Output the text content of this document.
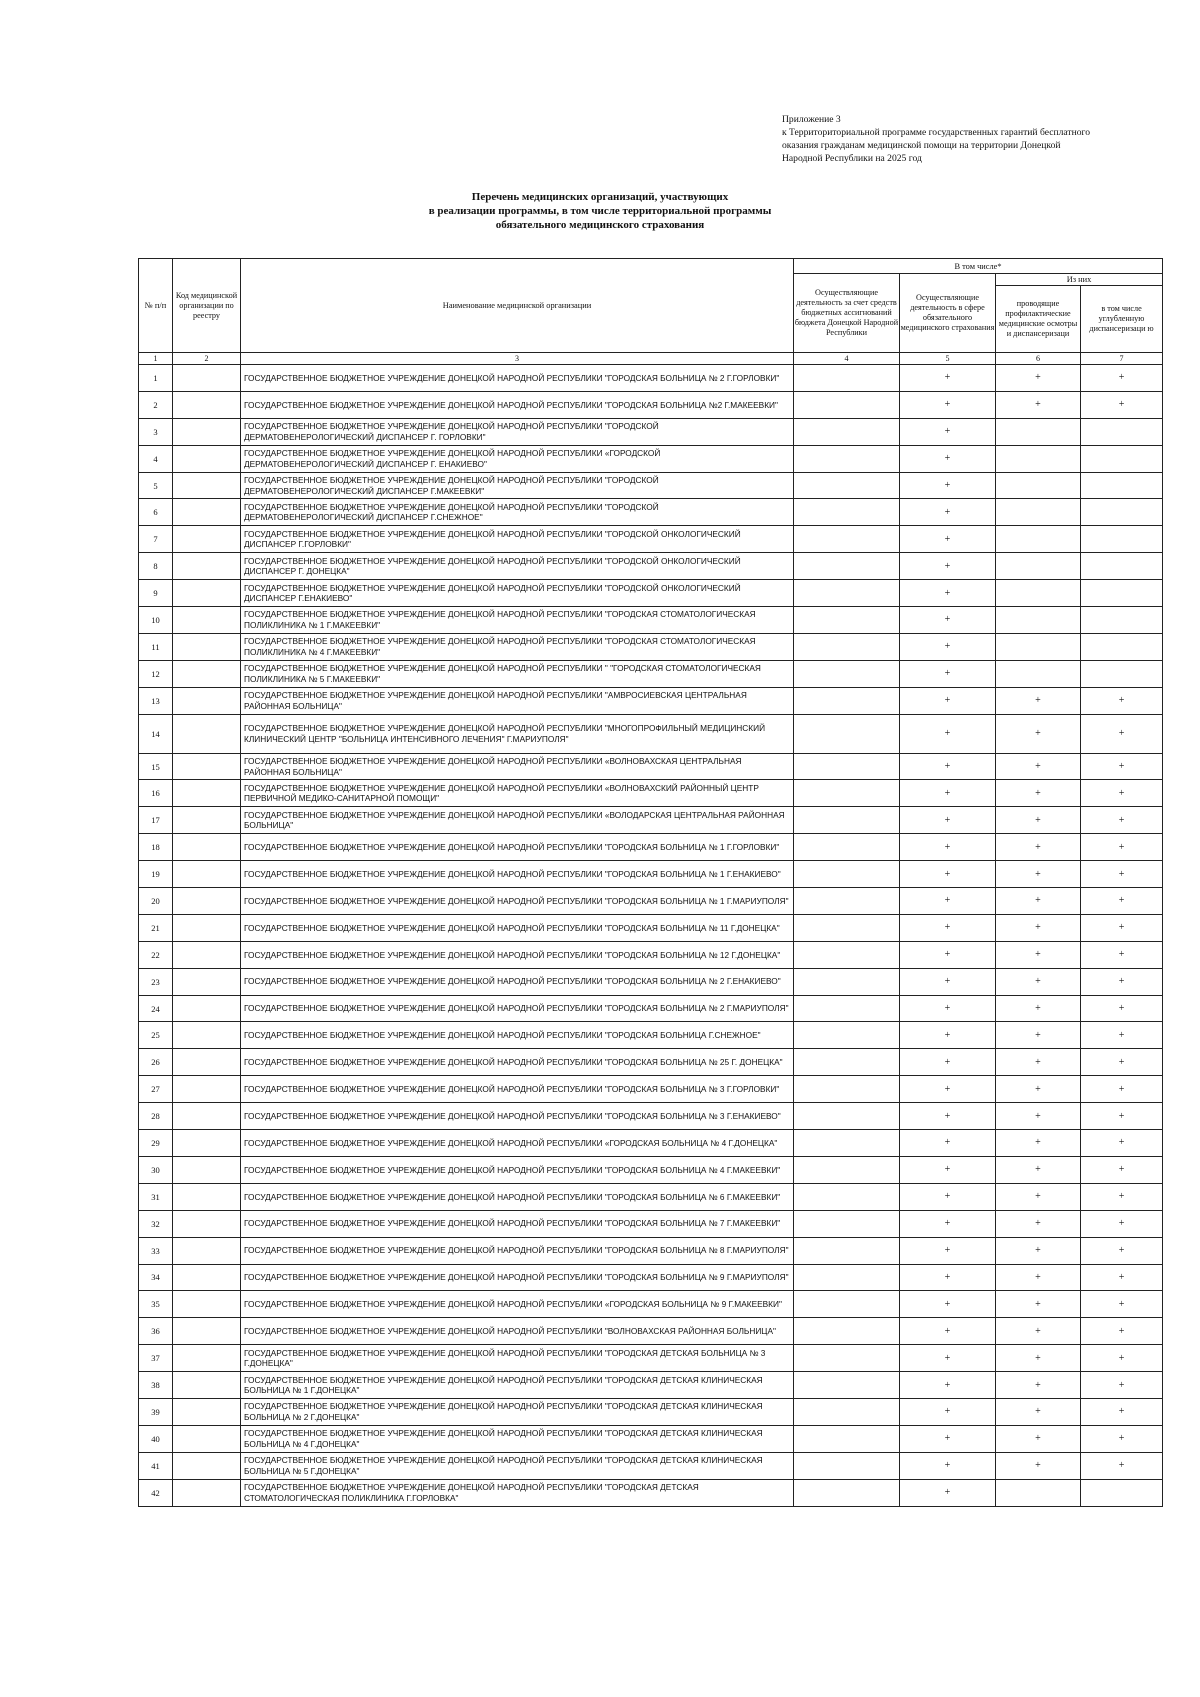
Приложение 3
к Территориториальной программе государственных гарантий бесплатного
оказания гражданам медицинской помощи на территории Донецкой
Народной Республики на 2025 год
Перечень медицинских организаций, участвующих
в реализации программы, в том числе территориальной программы
обязательного медицинского страхования
№ п/п	Код медицинской организации по реестру	Наименование медицинской организации	В том числе*			
			Осуществляющие деятельность за счет средств бюджетных ассигнований бюджета Донецкой Народной Республики	Осуществляющие деятельность в сфере обязательного медицинского страхования	Из них	
					проводящие профилактическиe медицинские осмотры и диспансеризаци	в том числе углубленную диспансеризаци ю
1	2	3	4	5	6	7
1		ГОСУДАРСТВЕННОЕ БЮДЖЕТНОЕ УЧРЕЖДЕНИЕ ДОНЕЦКОЙ НАРОДНОЙ РЕСПУБЛИКИ "ГОРОДСКАЯ БОЛЬНИЦА № 2 Г.ГОРЛОВКИ"		+	+	+
2		ГОСУДАРСТВЕННОЕ БЮДЖЕТНОЕ УЧРЕЖДЕНИЕ ДОНЕЦКОЙ НАРОДНОЙ РЕСПУБЛИКИ "ГОРОДСКАЯ БОЛЬНИЦА №2 Г.МАКЕЕВКИ"		+	+	+
3		ГОСУДАРСТВЕННОЕ БЮДЖЕТНОЕ УЧРЕЖДЕНИЕ ДОНЕЦКОЙ НАРОДНОЙ РЕСПУБЛИКИ "ГОРОДСКОЙ ДЕРМАТОВЕНЕРОЛОГИЧЕСКИЙ ДИСПАНСЕР Г. ГОРЛОВКИ"		+		
4		ГОСУДАРСТВЕННОЕ БЮДЖЕТНОЕ УЧРЕЖДЕНИЕ ДОНЕЦКОЙ НАРОДНОЙ РЕСПУБЛИКИ «ГОРОДСКОЙ ДЕРМАТОВЕНЕРОЛОГИЧЕСКИЙ ДИСПАНСЕР Г. ЕНАКИЕВО"		+		
5		ГОСУДАРСТВЕННОЕ БЮДЖЕТНОЕ УЧРЕЖДЕНИЕ ДОНЕЦКОЙ НАРОДНОЙ РЕСПУБЛИКИ "ГОРОДСКОЙ ДЕРМАТОВЕНЕРОЛОГИЧЕСКИЙ ДИСПАНСЕР Г.МАКЕЕВКИ"		+		
6		ГОСУДАРСТВЕННОЕ БЮДЖЕТНОЕ УЧРЕЖДЕНИЕ ДОНЕЦКОЙ НАРОДНОЙ РЕСПУБЛИКИ "ГОРОДСКОЙ ДЕРМАТОВЕНЕРОЛОГИЧЕСКИЙ ДИСПАНСЕР Г.СНЕЖНОЕ"		+		
7		ГОСУДАРСТВЕННОЕ БЮДЖЕТНОЕ УЧРЕЖДЕНИЕ ДОНЕЦКОЙ НАРОДНОЙ РЕСПУБЛИКИ "ГОРОДСКОЙ ОНКОЛОГИЧЕСКИЙ ДИСПАНСЕР Г.ГОРЛОВКИ"		+		
8		ГОСУДАРСТВЕННОЕ БЮДЖЕТНОЕ УЧРЕЖДЕНИЕ ДОНЕЦКОЙ НАРОДНОЙ РЕСПУБЛИКИ "ГОРОДСКОЙ ОНКОЛОГИЧЕСКИЙ ДИСПАНСЕР Г. ДОНЕЦКА"		+		
9		ГОСУДАРСТВЕННОЕ БЮДЖЕТНОЕ УЧРЕЖДЕНИЕ ДОНЕЦКОЙ НАРОДНОЙ РЕСПУБЛИКИ "ГОРОДСКОЙ ОНКОЛОГИЧЕСКИЙ ДИСПАНСЕР Г.ЕНАКИЕВО"		+		
10		ГОСУДАРСТВЕННОЕ БЮДЖЕТНОЕ УЧРЕЖДЕНИЕ ДОНЕЦКОЙ НАРОДНОЙ РЕСПУБЛИКИ "ГОРОДСКАЯ СТОМАТОЛОГИЧЕСКАЯ ПОЛИКЛИНИКА № 1 Г.МАКЕЕВКИ"		+		
11		ГОСУДАРСТВЕННОЕ БЮДЖЕТНОЕ УЧРЕЖДЕНИЕ ДОНЕЦКОЙ НАРОДНОЙ РЕСПУБЛИКИ "ГОРОДСКАЯ СТОМАТОЛОГИЧЕСКАЯ ПОЛИКЛИНИКА № 4 Г.МАКЕЕВКИ"		+		
12		ГОСУДАРСТВЕННОЕ БЮДЖЕТНОЕ УЧРЕЖДЕНИЕ ДОНЕЦКОЙ НАРОДНОЙ РЕСПУБЛИКИ " "ГОРОДСКАЯ СТОМАТОЛОГИЧЕСКАЯ ПОЛИКЛИНИКА № 5 Г.МАКЕЕВКИ"		+		
13		ГОСУДАРСТВЕННОЕ БЮДЖЕТНОЕ УЧРЕЖДЕНИЕ ДОНЕЦКОЙ НАРОДНОЙ РЕСПУБЛИКИ "АМВРОСИЕВСКАЯ ЦЕНТРАЛЬНАЯ РАЙОННАЯ БОЛЬНИЦА"		+	+	+
14		ГОСУДАРСТВЕННОЕ БЮДЖЕТНОЕ УЧРЕЖДЕНИЕ ДОНЕЦКОЙ НАРОДНОЙ РЕСПУБЛИКИ "МНОГОПРОФИЛЬНЫЙ МЕДИЦИНСКИЙ КЛИНИЧЕСКИЙ ЦЕНТР "БОЛЬНИЦА ИНТЕНСИВНОГО ЛЕЧЕНИЯ" Г.МАРИУПОЛЯ"		+	+	+
15		ГОСУДАРСТВЕННОЕ БЮДЖЕТНОЕ УЧРЕЖДЕНИЕ ДОНЕЦКОЙ НАРОДНОЙ РЕСПУБЛИКИ «ВОЛНОВАХСКАЯ ЦЕНТРАЛЬНАЯ РАЙОННАЯ БОЛЬНИЦА"		+	+	+
16		ГОСУДАРСТВЕННОЕ БЮДЖЕТНОЕ УЧРЕЖДЕНИЕ ДОНЕЦКОЙ НАРОДНОЙ РЕСПУБЛИКИ «ВОЛНОВАХСКИЙ РАЙОННЫЙ ЦЕНТР ПЕРВИЧНОЙ МЕДИКО-САНИТАРНОЙ ПОМОЩИ"		+	+	+
17		ГОСУДАРСТВЕННОЕ БЮДЖЕТНОЕ УЧРЕЖДЕНИЕ ДОНЕЦКОЙ НАРОДНОЙ РЕСПУБЛИКИ «ВОЛОДАРСКАЯ ЦЕНТРАЛЬНАЯ РАЙОННАЯ БОЛЬНИЦА"		+	+	+
18		ГОСУДАРСТВЕННОЕ БЮДЖЕТНОЕ УЧРЕЖДЕНИЕ ДОНЕЦКОЙ НАРОДНОЙ РЕСПУБЛИКИ "ГОРОДСКАЯ БОЛЬНИЦА № 1 Г.ГОРЛОВКИ"		+	+	+
19		ГОСУДАРСТВЕННОЕ БЮДЖЕТНОЕ УЧРЕЖДЕНИЕ ДОНЕЦКОЙ НАРОДНОЙ РЕСПУБЛИКИ "ГОРОДСКАЯ БОЛЬНИЦА № 1 Г.ЕНАКИЕВО"		+	+	+
20		ГОСУДАРСТВЕННОЕ БЮДЖЕТНОЕ УЧРЕЖДЕНИЕ ДОНЕЦКОЙ НАРОДНОЙ РЕСПУБЛИКИ "ГОРОДСКАЯ БОЛЬНИЦА № 1 Г.МАРИУПОЛЯ"		+	+	+
21		ГОСУДАРСТВЕННОЕ БЮДЖЕТНОЕ УЧРЕЖДЕНИЕ ДОНЕЦКОЙ НАРОДНОЙ РЕСПУБЛИКИ "ГОРОДСКАЯ БОЛЬНИЦА № 11 Г.ДОНЕЦКА"		+	+	+
22		ГОСУДАРСТВЕННОЕ БЮДЖЕТНОЕ УЧРЕЖДЕНИЕ ДОНЕЦКОЙ НАРОДНОЙ РЕСПУБЛИКИ "ГОРОДСКАЯ БОЛЬНИЦА № 12 Г.ДОНЕЦКА"		+	+	+
23		ГОСУДАРСТВЕННОЕ БЮДЖЕТНОЕ УЧРЕЖДЕНИЕ ДОНЕЦКОЙ НАРОДНОЙ РЕСПУБЛИКИ "ГОРОДСКАЯ БОЛЬНИЦА № 2 Г.ЕНАКИЕВО"		+	+	+
24		ГОСУДАРСТВЕННОЕ БЮДЖЕТНОЕ УЧРЕЖДЕНИЕ ДОНЕЦКОЙ НАРОДНОЙ РЕСПУБЛИКИ "ГОРОДСКАЯ БОЛЬНИЦА № 2 Г.МАРИУПОЛЯ"		+	+	+
25		ГОСУДАРСТВЕННОЕ БЮДЖЕТНОЕ УЧРЕЖДЕНИЕ ДОНЕЦКОЙ НАРОДНОЙ РЕСПУБЛИКИ "ГОРОДСКАЯ БОЛЬНИЦА Г.СНЕЖНОЕ"		+	+	+
26		ГОСУДАРСТВЕННОЕ БЮДЖЕТНОЕ УЧРЕЖДЕНИЕ ДОНЕЦКОЙ НАРОДНОЙ РЕСПУБЛИКИ "ГОРОДСКАЯ БОЛЬНИЦА № 25 Г. ДОНЕЦКА"		+	+	+
27		ГОСУДАРСТВЕННОЕ БЮДЖЕТНОЕ УЧРЕЖДЕНИЕ ДОНЕЦКОЙ НАРОДНОЙ РЕСПУБЛИКИ "ГОРОДСКАЯ БОЛЬНИЦА № 3 Г.ГОРЛОВКИ"		+	+	+
28		ГОСУДАРСТВЕННОЕ БЮДЖЕТНОЕ УЧРЕЖДЕНИЕ ДОНЕЦКОЙ НАРОДНОЙ РЕСПУБЛИКИ "ГОРОДСКАЯ БОЛЬНИЦА № 3 Г.ЕНАКИЕВО"		+	+	+
29		ГОСУДАРСТВЕННОЕ БЮДЖЕТНОЕ УЧРЕЖДЕНИЕ ДОНЕЦКОЙ НАРОДНОЙ РЕСПУБЛИКИ «ГОРОДСКАЯ БОЛЬНИЦА № 4 Г.ДОНЕЦКА"		+	+	+
30		ГОСУДАРСТВЕННОЕ БЮДЖЕТНОЕ УЧРЕЖДЕНИЕ ДОНЕЦКОЙ НАРОДНОЙ РЕСПУБЛИКИ "ГОРОДСКАЯ БОЛЬНИЦА № 4 Г.МАКЕЕВКИ"		+	+	+
31		ГОСУДАРСТВЕННОЕ БЮДЖЕТНОЕ УЧРЕЖДЕНИЕ ДОНЕЦКОЙ НАРОДНОЙ РЕСПУБЛИКИ "ГОРОДСКАЯ БОЛЬНИЦА № 6 Г.МАКЕЕВКИ"		+	+	+
32		ГОСУДАРСТВЕННОЕ БЮДЖЕТНОЕ УЧРЕЖДЕНИЕ ДОНЕЦКОЙ НАРОДНОЙ РЕСПУБЛИКИ "ГОРОДСКАЯ БОЛЬНИЦА № 7 Г.МАКЕЕВКИ"		+	+	+
33		ГОСУДАРСТВЕННОЕ БЮДЖЕТНОЕ УЧРЕЖДЕНИЕ ДОНЕЦКОЙ НАРОДНОЙ РЕСПУБЛИКИ "ГОРОДСКАЯ БОЛЬНИЦА № 8 Г.МАРИУПОЛЯ"		+	+	+
34		ГОСУДАРСТВЕННОЕ БЮДЖЕТНОЕ УЧРЕЖДЕНИЕ ДОНЕЦКОЙ НАРОДНОЙ РЕСПУБЛИКИ "ГОРОДСКАЯ БОЛЬНИЦА № 9 Г.МАРИУПОЛЯ"		+	+	+
35		ГОСУДАРСТВЕННОЕ БЮДЖЕТНОЕ УЧРЕЖДЕНИЕ ДОНЕЦКОЙ НАРОДНОЙ РЕСПУБЛИКИ «ГОРОДСКАЯ БОЛЬНИЦА № 9 Г.МАКЕЕВКИ"		+	+	+
36		ГОСУДАРСТВЕННОЕ БЮДЖЕТНОЕ УЧРЕЖДЕНИЕ ДОНЕЦКОЙ НАРОДНОЙ РЕСПУБЛИКИ "ВОЛНОВАХСКАЯ РАЙОННАЯ БОЛЬНИЦА"		+	+	+
37		ГОСУДАРСТВЕННОЕ БЮДЖЕТНОЕ УЧРЕЖДЕНИЕ ДОНЕЦКОЙ НАРОДНОЙ РЕСПУБЛИКИ "ГОРОДСКАЯ ДЕТСКАЯ БОЛЬНИЦА № 3 Г.ДОНЕЦКА"		+	+	+
38		ГОСУДАРСТВЕННОЕ БЮДЖЕТНОЕ УЧРЕЖДЕНИЕ ДОНЕЦКОЙ НАРОДНОЙ РЕСПУБЛИКИ "ГОРОДСКАЯ ДЕТСКАЯ КЛИНИЧЕСКАЯ БОЛЬНИЦА № 1 Г.ДОНЕЦКА"		+	+	+
39		ГОСУДАРСТВЕННОЕ БЮДЖЕТНОЕ УЧРЕЖДЕНИЕ ДОНЕЦКОЙ НАРОДНОЙ РЕСПУБЛИКИ "ГОРОДСКАЯ ДЕТСКАЯ КЛИНИЧЕСКАЯ БОЛЬНИЦА № 2 Г.ДОНЕЦКА"		+	+	+
40		ГОСУДАРСТВЕННОЕ БЮДЖЕТНОЕ УЧРЕЖДЕНИЕ ДОНЕЦКОЙ НАРОДНОЙ РЕСПУБЛИКИ "ГОРОДСКАЯ ДЕТСКАЯ КЛИНИЧЕСКАЯ БОЛЬНИЦА № 4 Г.ДОНЕЦКА"		+	+	+
41		ГОСУДАРСТВЕННОЕ БЮДЖЕТНОЕ УЧРЕЖДЕНИЕ ДОНЕЦКОЙ НАРОДНОЙ РЕСПУБЛИКИ "ГОРОДСКАЯ ДЕТСКАЯ КЛИНИЧЕСКАЯ БОЛЬНИЦА № 5 Г.ДОНЕЦКА"		+	+	+
42		ГОСУДАРСТВЕННОЕ БЮДЖЕТНОЕ УЧРЕЖДЕНИЕ ДОНЕЦКОЙ НАРОДНОЙ РЕСПУБЛИКИ "ГОРОДСКАЯ ДЕТСКАЯ СТОМАТОЛОГИЧЕСКАЯ ПОЛИКЛИНИКА Г.ГОРЛОВКА"		+		
